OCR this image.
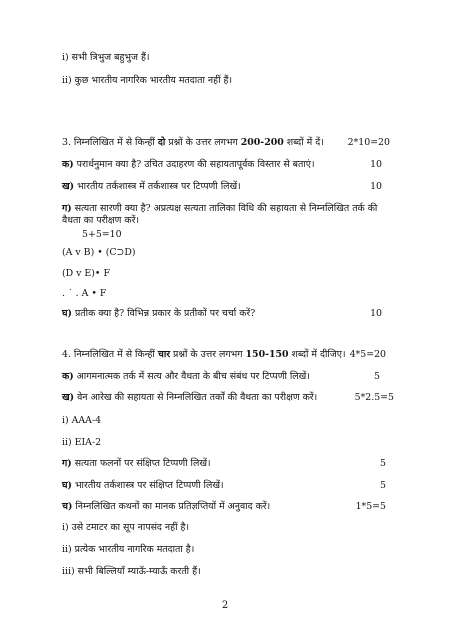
i) सभी त्रिभुज बहुभुज हैं।
ii) कुछ भारतीय नागरिक भारतीय मतदाता नहीं हैं।
3. निम्नलिखित में से किन्हीं दो प्रश्नों के उत्तर लगभग 200-200 शब्दों में दें।	2*10=20
क) परार्धनुमान क्या है? उचित उदाहरण की सहायतापूर्वक विस्तार से बताएं।	10
ख) भारतीय तर्कशास्त्र में तर्कशास्त्र पर टिप्पणी लिखें।	10
ग) सत्यता सारणी क्या है? अप्रत्यक्ष सत्यता तालिका विधि की सहायता से निम्नलिखित तर्क की वैधता का परीक्षण करें।
5+5=10
(A v B) • (C⊃D)
(D v E)• F
. ˙ . A • F
घ) प्रतीक क्या है? विभिन्न प्रकार के प्रतीकों पर चर्चा करें?	10
4. निम्नलिखित में से किन्हीं चार प्रश्नों के उत्तर लगभग 150-150 शब्दों में दीजिए। 4*5=20
क) आगमनात्मक तर्क में सत्य और वैधता के बीच संबंध पर टिप्पणी लिखें।	5
ख) वेन आरेख की सहायता से निम्नलिखित तर्कों की वैधता का परीक्षण करें।	5*2.5=5
i) AAA-4
ii) EIA-2
ग) सत्यता फलनों पर संक्षिप्त टिप्पणी लिखें।	5
घ) भारतीय तर्कशास्त्र पर संक्षिप्त टिप्पणी लिखें।	5
च) निम्नलिखित कथनों का मानक प्रतिज्ञप्तियों में अनुवाद करें।	1*5=5
i) उसे टमाटर का सूप नापसंद नहीं है।
ii) प्रत्येक भारतीय नागरिक मतदाता है।
iii) सभी बिल्लियाँ म्याऊँ-म्याऊँ करती हैं।
2
